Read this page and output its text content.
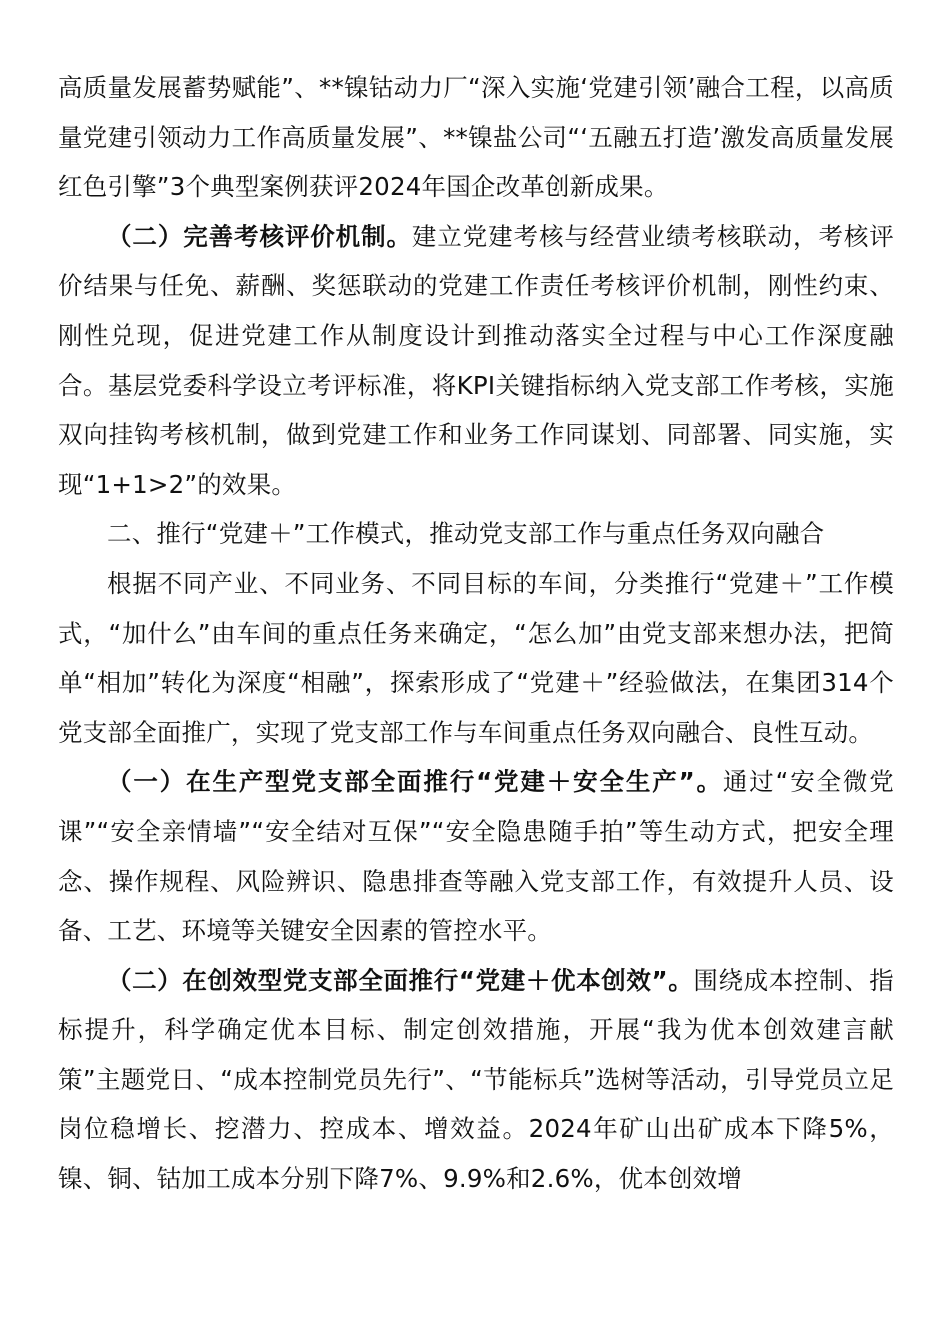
高质量发展蓄势赋能”、**镍钴动力厂“深入实施‘党建引领’融合工程，以高质量党建引领动力工作高质量发展”、**镍盐公司“‘五融五打造’激发高质量发展红色引擎”3个典型案例获评2024年国企改革创新成果。

（二）完善考核评价机制。建立党建考核与经营业绩考核联动，考核评价结果与任免、薪酬、奖惩联动的党建工作责任考核评价机制，刚性约束、刚性兑现，促进党建工作从制度设计到推动落实全过程与中心工作深度融合。基层党委科学设立考评标准，将KPI关键指标纳入党支部工作考核，实施双向挂钩考核机制，做到党建工作和业务工作同谋划、同部署、同实施，实现“1+1>2”的效果。

二、推行“党建＋”工作模式，推动党支部工作与重点任务双向融合

根据不同产业、不同业务、不同目标的车间，分类推行“党建＋”工作模式，“加什么”由车间的重点任务来确定，“怎么加”由党支部来想办法，把简单“相加”转化为深度“相融”，探索形成了“党建＋”经验做法，在集团314个党支部全面推广，实现了党支部工作与车间重点任务双向融合、良性互动。

（一）在生产型党支部全面推行“党建＋安全生产”。通过“安全微党课”“安全亲情墙”“安全结对互保”“安全隐患随手拍”等生动方式，把安全理念、操作规程、风险辨识、隐患排查等融入党支部工作，有效提升人员、设备、工艺、环境等关键安全因素的管控水平。

（二）在创效型党支部全面推行“党建＋优本创效”。围绕成本控制、指标提升，科学确定优本目标、制定创效措施，开展“我为优本创效建言献策”主题党日、“成本控制党员先行”、“节能标兵”选树等活动，引导党员立足岗位稳增长、挖潜力、控成本、增效益。2024年矿山出矿成本下降5%，镍、铜、钴加工成本分别下降7%、9.9%和2.6%，优本创效增
